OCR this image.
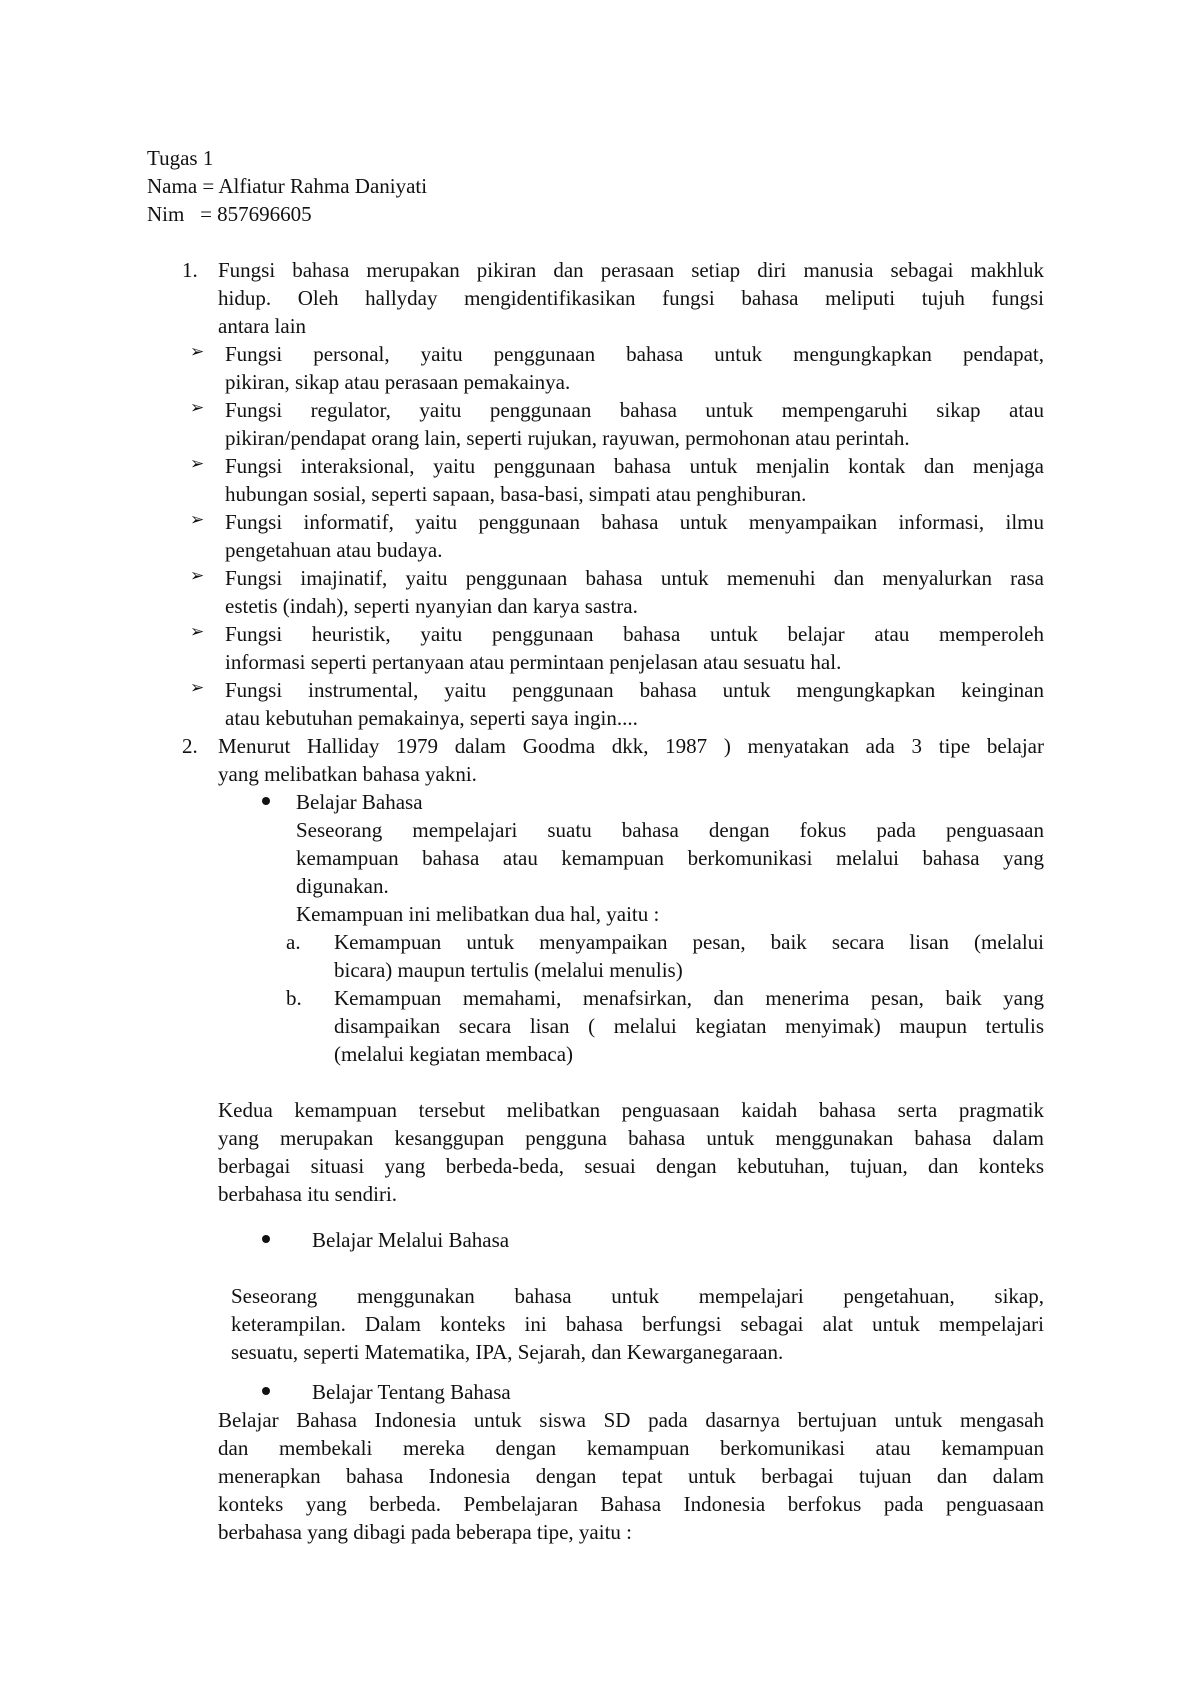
Tugas 1
Nama = Alfiatur Rahma Daniyati
Nim   = 857696605
1. Fungsi bahasa merupakan pikiran dan perasaan setiap diri manusia sebagai makhluk
hidup. Oleh hallyday mengidentifikasikan fungsi bahasa meliputi tujuh fungsi
antara lain
➢ Fungsi personal, yaitu penggunaan bahasa untuk mengungkapkan pendapat,
pikiran, sikap atau perasaan pemakainya.
➢ Fungsi regulator, yaitu penggunaan bahasa untuk mempengaruhi sikap atau
pikiran/pendapat orang lain, seperti rujukan, rayuwan, permohonan atau perintah.
➢ Fungsi interaksional, yaitu penggunaan bahasa untuk menjalin kontak dan menjaga
hubungan sosial, seperti sapaan, basa-basi, simpati atau penghiburan.
➢ Fungsi informatif, yaitu penggunaan bahasa untuk menyampaikan informasi, ilmu
pengetahuan atau budaya.
➢ Fungsi imajinatif, yaitu penggunaan bahasa untuk memenuhi dan menyalurkan rasa
estetis (indah), seperti nyanyian dan karya sastra.
➢ Fungsi heuristik, yaitu penggunaan bahasa untuk belajar atau memperoleh
informasi seperti pertanyaan atau permintaan penjelasan atau sesuatu hal.
➢ Fungsi instrumental, yaitu penggunaan bahasa untuk mengungkapkan keinginan
atau kebutuhan pemakainya, seperti saya ingin....
2. Menurut Halliday 1979 dalam Goodma dkk, 1987 ) menyatakan ada 3 tipe belajar
yang melibatkan bahasa yakni.
Belajar Bahasa
Seseorang mempelajari suatu bahasa dengan fokus pada penguasaan
kemampuan bahasa atau kemampuan berkomunikasi melalui bahasa yang
digunakan.
Kemampuan ini melibatkan dua hal, yaitu :
a. Kemampuan untuk menyampaikan pesan, baik secara lisan (melalui
bicara) maupun tertulis (melalui menulis)
b. Kemampuan memahami, menafsirkan, dan menerima pesan, baik yang
disampaikan secara lisan ( melalui kegiatan menyimak) maupun tertulis
(melalui kegiatan membaca)
Kedua kemampuan tersebut melibatkan penguasaan kaidah bahasa serta pragmatik
yang merupakan kesanggupan pengguna bahasa untuk menggunakan bahasa dalam
berbagai situasi yang berbeda-beda, sesuai dengan kebutuhan, tujuan, dan konteks
berbahasa itu sendiri.
Belajar Melalui Bahasa
Seseorang menggunakan bahasa untuk mempelajari pengetahuan, sikap,
keterampilan. Dalam konteks ini bahasa berfungsi sebagai alat untuk mempelajari
sesuatu, seperti Matematika, IPA, Sejarah, dan Kewarganegaraan.
Belajar Tentang Bahasa
Belajar Bahasa Indonesia untuk siswa SD pada dasarnya bertujuan untuk mengasah
dan membekali mereka dengan kemampuan berkomunikasi atau kemampuan
menerapkan bahasa Indonesia dengan tepat untuk berbagai tujuan dan dalam
konteks yang berbeda. Pembelajaran Bahasa Indonesia berfokus pada penguasaan
berbahasa yang dibagi pada beberapa tipe, yaitu :
